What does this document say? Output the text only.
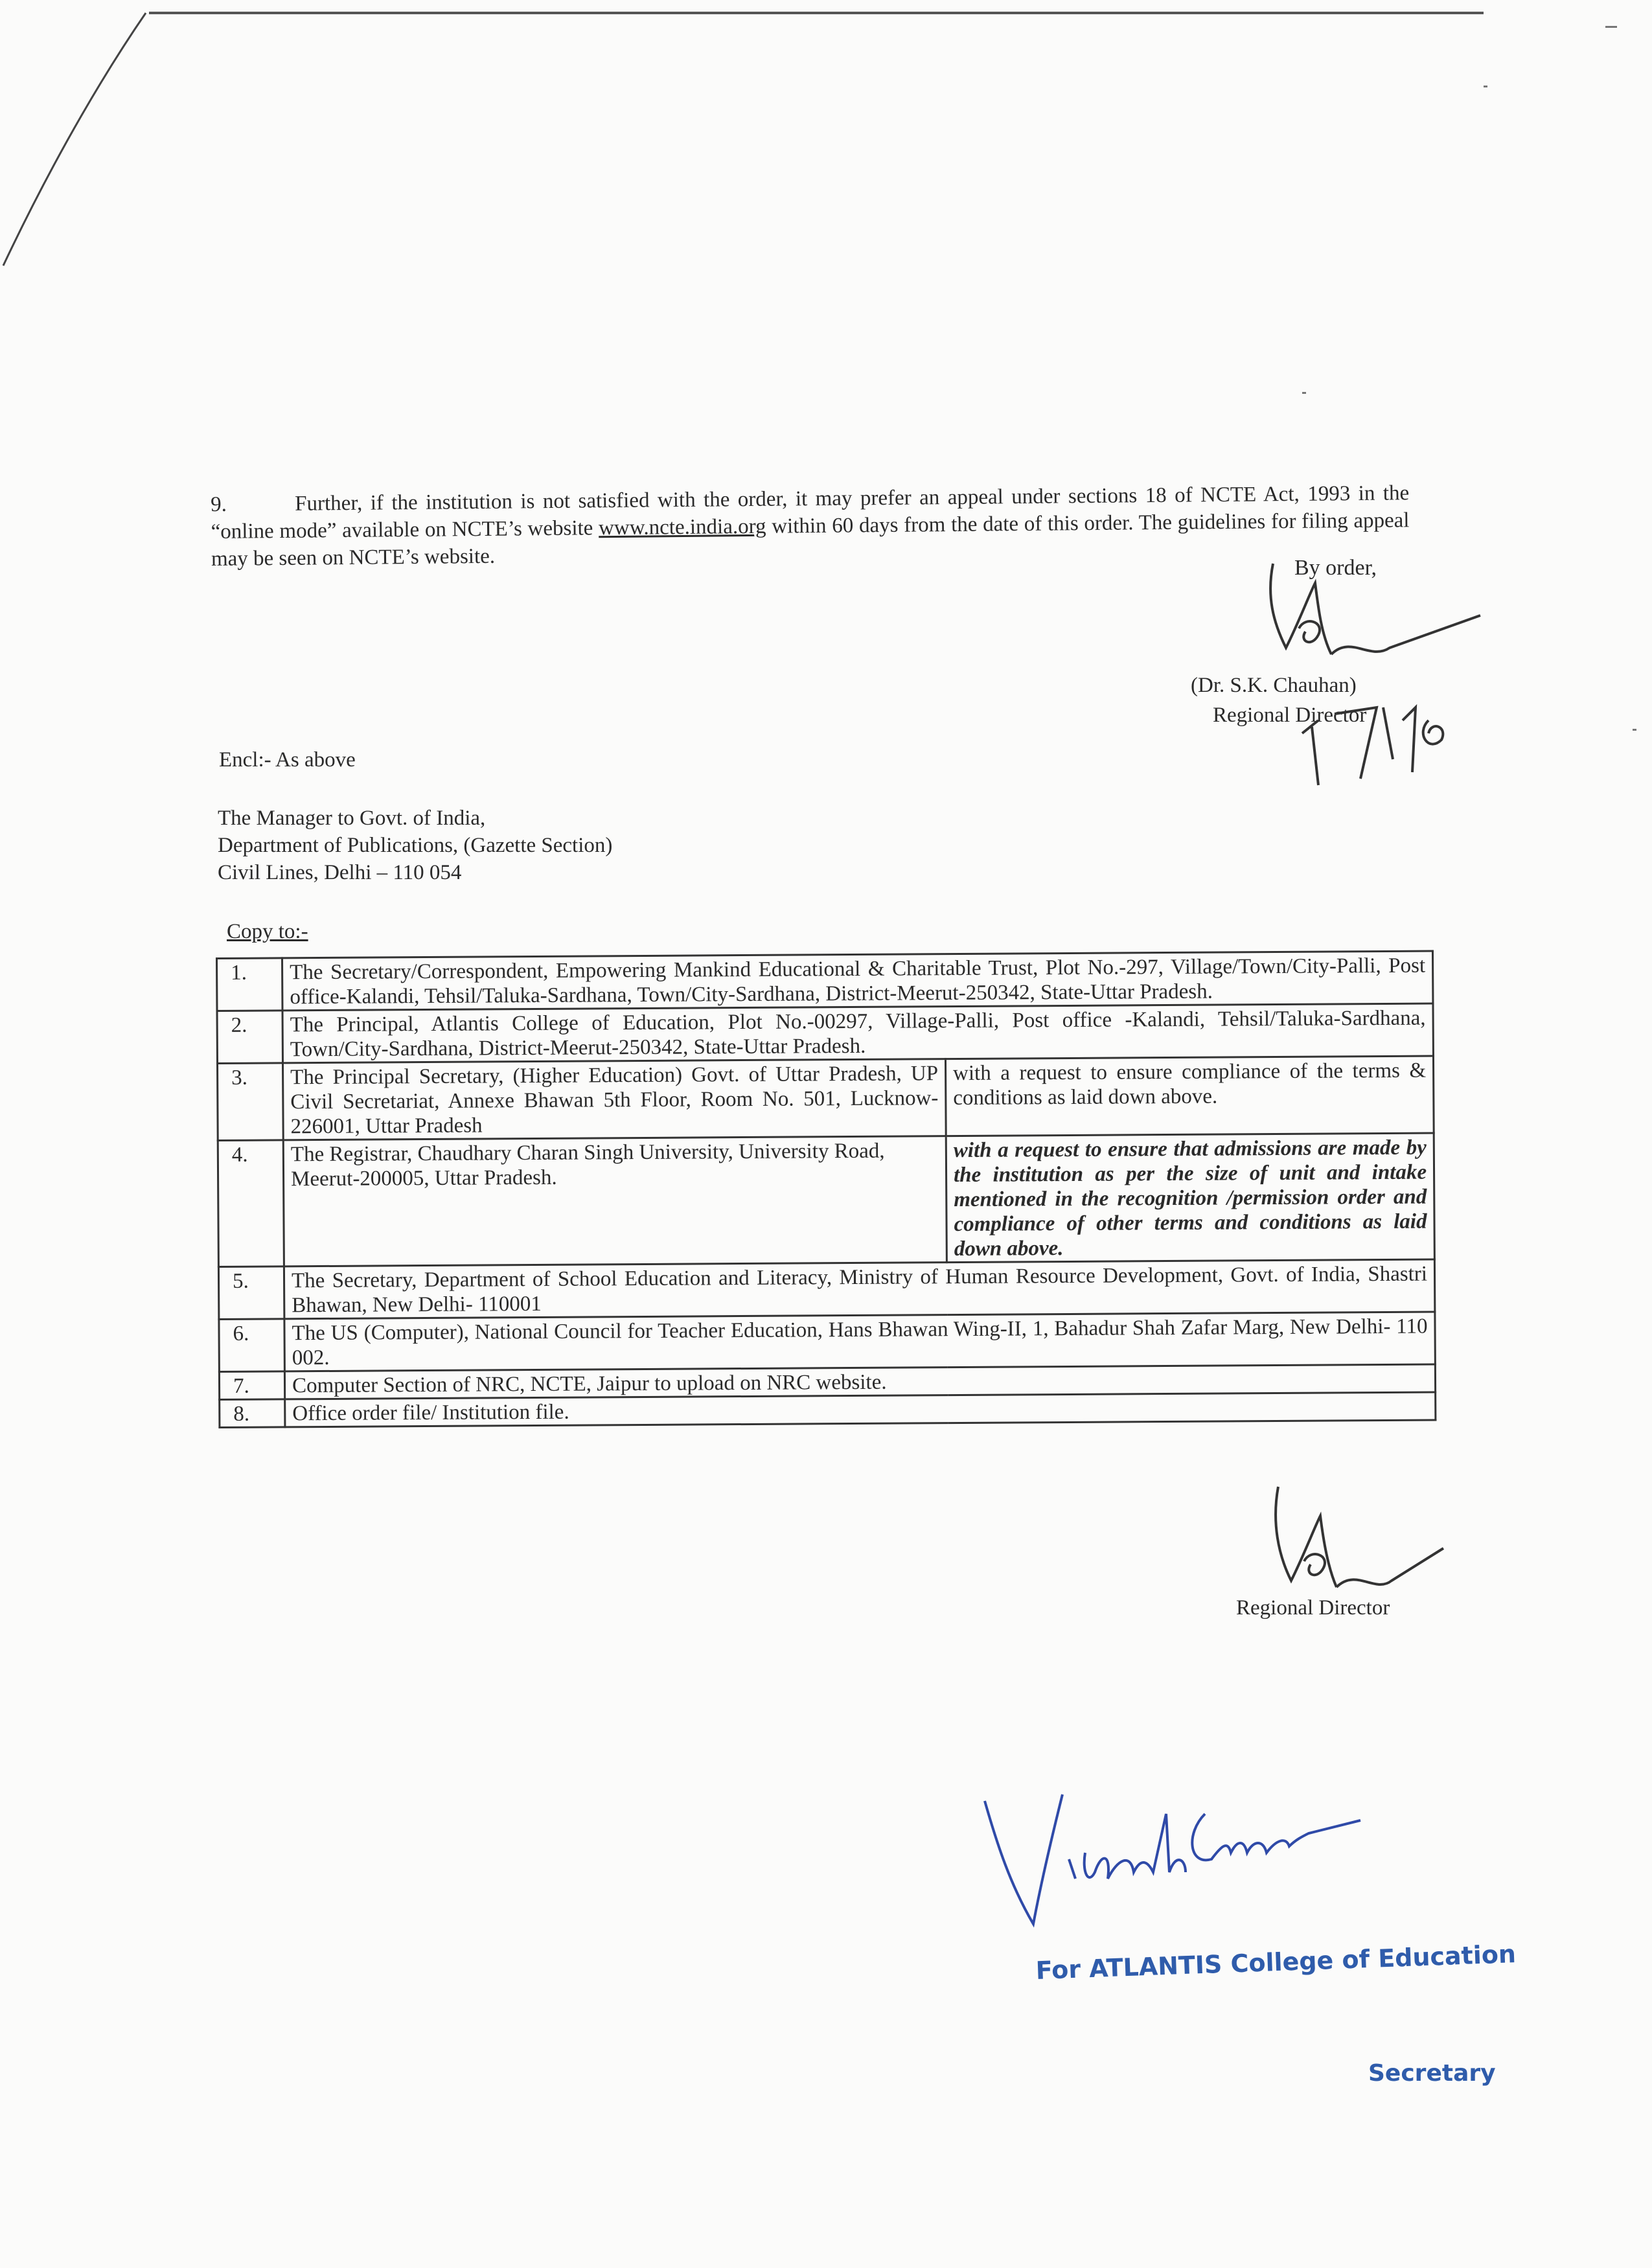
9.	Further, if the institution is not satisfied with the order, it may prefer an appeal under sections 18 of NCTE Act, 1993 in the “online mode” available on NCTE’s website www.ncte.india.org within 60 days from the date of this order. The guidelines for filing appeal may be seen on NCTE’s website.	By order,
(Dr. S.K. Chauhan)
Regional Director
Encl:- As above
The Manager to Govt. of India,
Department of Publications, (Gazette Section)
Civil Lines, Delhi – 110 054
Copy to:-
1.	The Secretary/Correspondent, Empowering Mankind Educational & Charitable Trust, Plot No.-297, Village/Town/City-Palli, Post office-Kalandi, Tehsil/Taluka-Sardhana, Town/City-Sardhana, District-Meerut-250342, State-Uttar Pradesh.	
2.	The Principal, Atlantis College of Education, Plot No.-00297, Village-Palli, Post office -Kalandi, Tehsil/Taluka-Sardhana, Town/City-Sardhana, District-Meerut-250342, State-Uttar Pradesh.	
3.	The Principal Secretary, (Higher Education) Govt. of Uttar Pradesh, UP Civil Secretariat, Annexe Bhawan 5th Floor, Room No. 501, Lucknow-226001, Uttar Pradesh	with a request to ensure compliance of the terms & conditions as laid down above.
4.	The Registrar, Chaudhary Charan Singh University, University Road, Meerut-200005, Uttar Pradesh.	with a request to ensure that admissions are made by the institution as per the size of unit and intake mentioned in the recognition /permission order and compliance of other terms and conditions as laid down above.
5.	The Secretary, Department of School Education and Literacy, Ministry of Human Resource Development, Govt. of India, Shastri Bhawan, New Delhi- 110001	
6.	The US (Computer), National Council for Teacher Education, Hans Bhawan Wing-II, 1, Bahadur Shah Zafar Marg, New Delhi- 110 002.	
7.	Computer Section of NRC, NCTE, Jaipur to upload on NRC website.	
8.	Office order file/ Institution file.	
Regional Director
For ATLANTIS College of Education
Secretary
